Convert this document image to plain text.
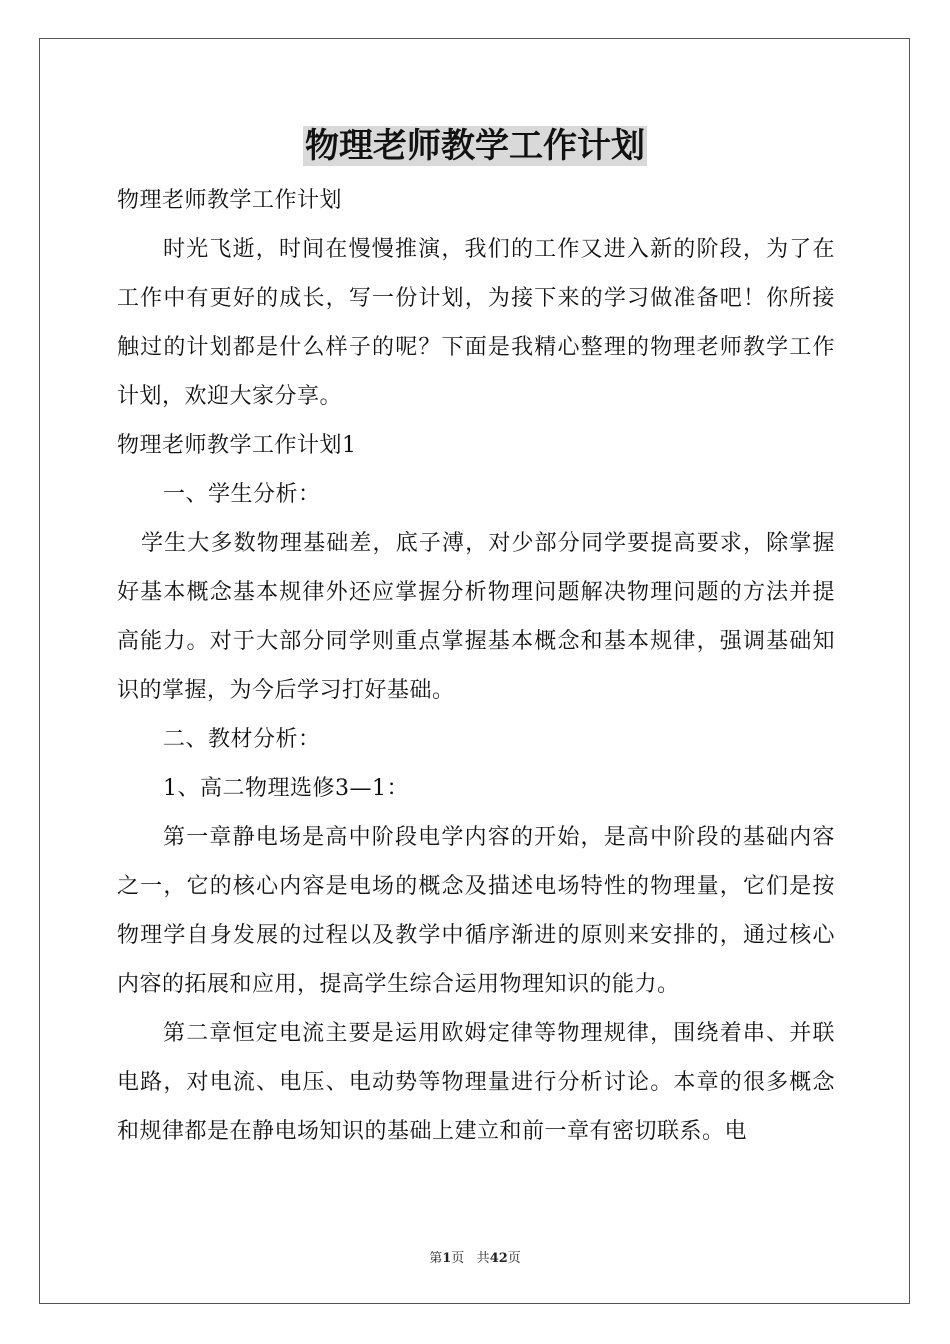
物理老师教学工作计划

物理老师教学工作计划

时光飞逝，时间在慢慢推演，我们的工作又进入新的阶段，为了在工作中有更好的成长，写一份计划，为接下来的学习做准备吧！你所接触过的计划都是什么样子的呢？下面是我精心整理的物理老师教学工作计划，欢迎大家分享。

物理老师教学工作计划1

一、学生分析：

学生大多数物理基础差，底子溥，对少部分同学要提高要求，除掌握好基本概念基本规律外还应掌握分析物理问题解决物理问题的方法并提高能力。对于大部分同学则重点掌握基本概念和基本规律，强调基础知识的掌握，为今后学习打好基础。

二、教材分析：

1、高二物理选修3—1：

第一章静电场是高中阶段电学内容的开始，是高中阶段的基础内容之一，它的核心内容是电场的概念及描述电场特性的物理量，它们是按物理学自身发展的过程以及教学中循序渐进的原则来安排的，通过核心内容的拓展和应用，提高学生综合运用物理知识的能力。

第二章恒定电流主要是运用欧姆定律等物理规律，围绕着串、并联电路，对电流、电压、电动势等物理量进行分析讨论。本章的很多概念和规律都是在静电场知识的基础上建立和前一章有密切联系。电

第1页 共42页
